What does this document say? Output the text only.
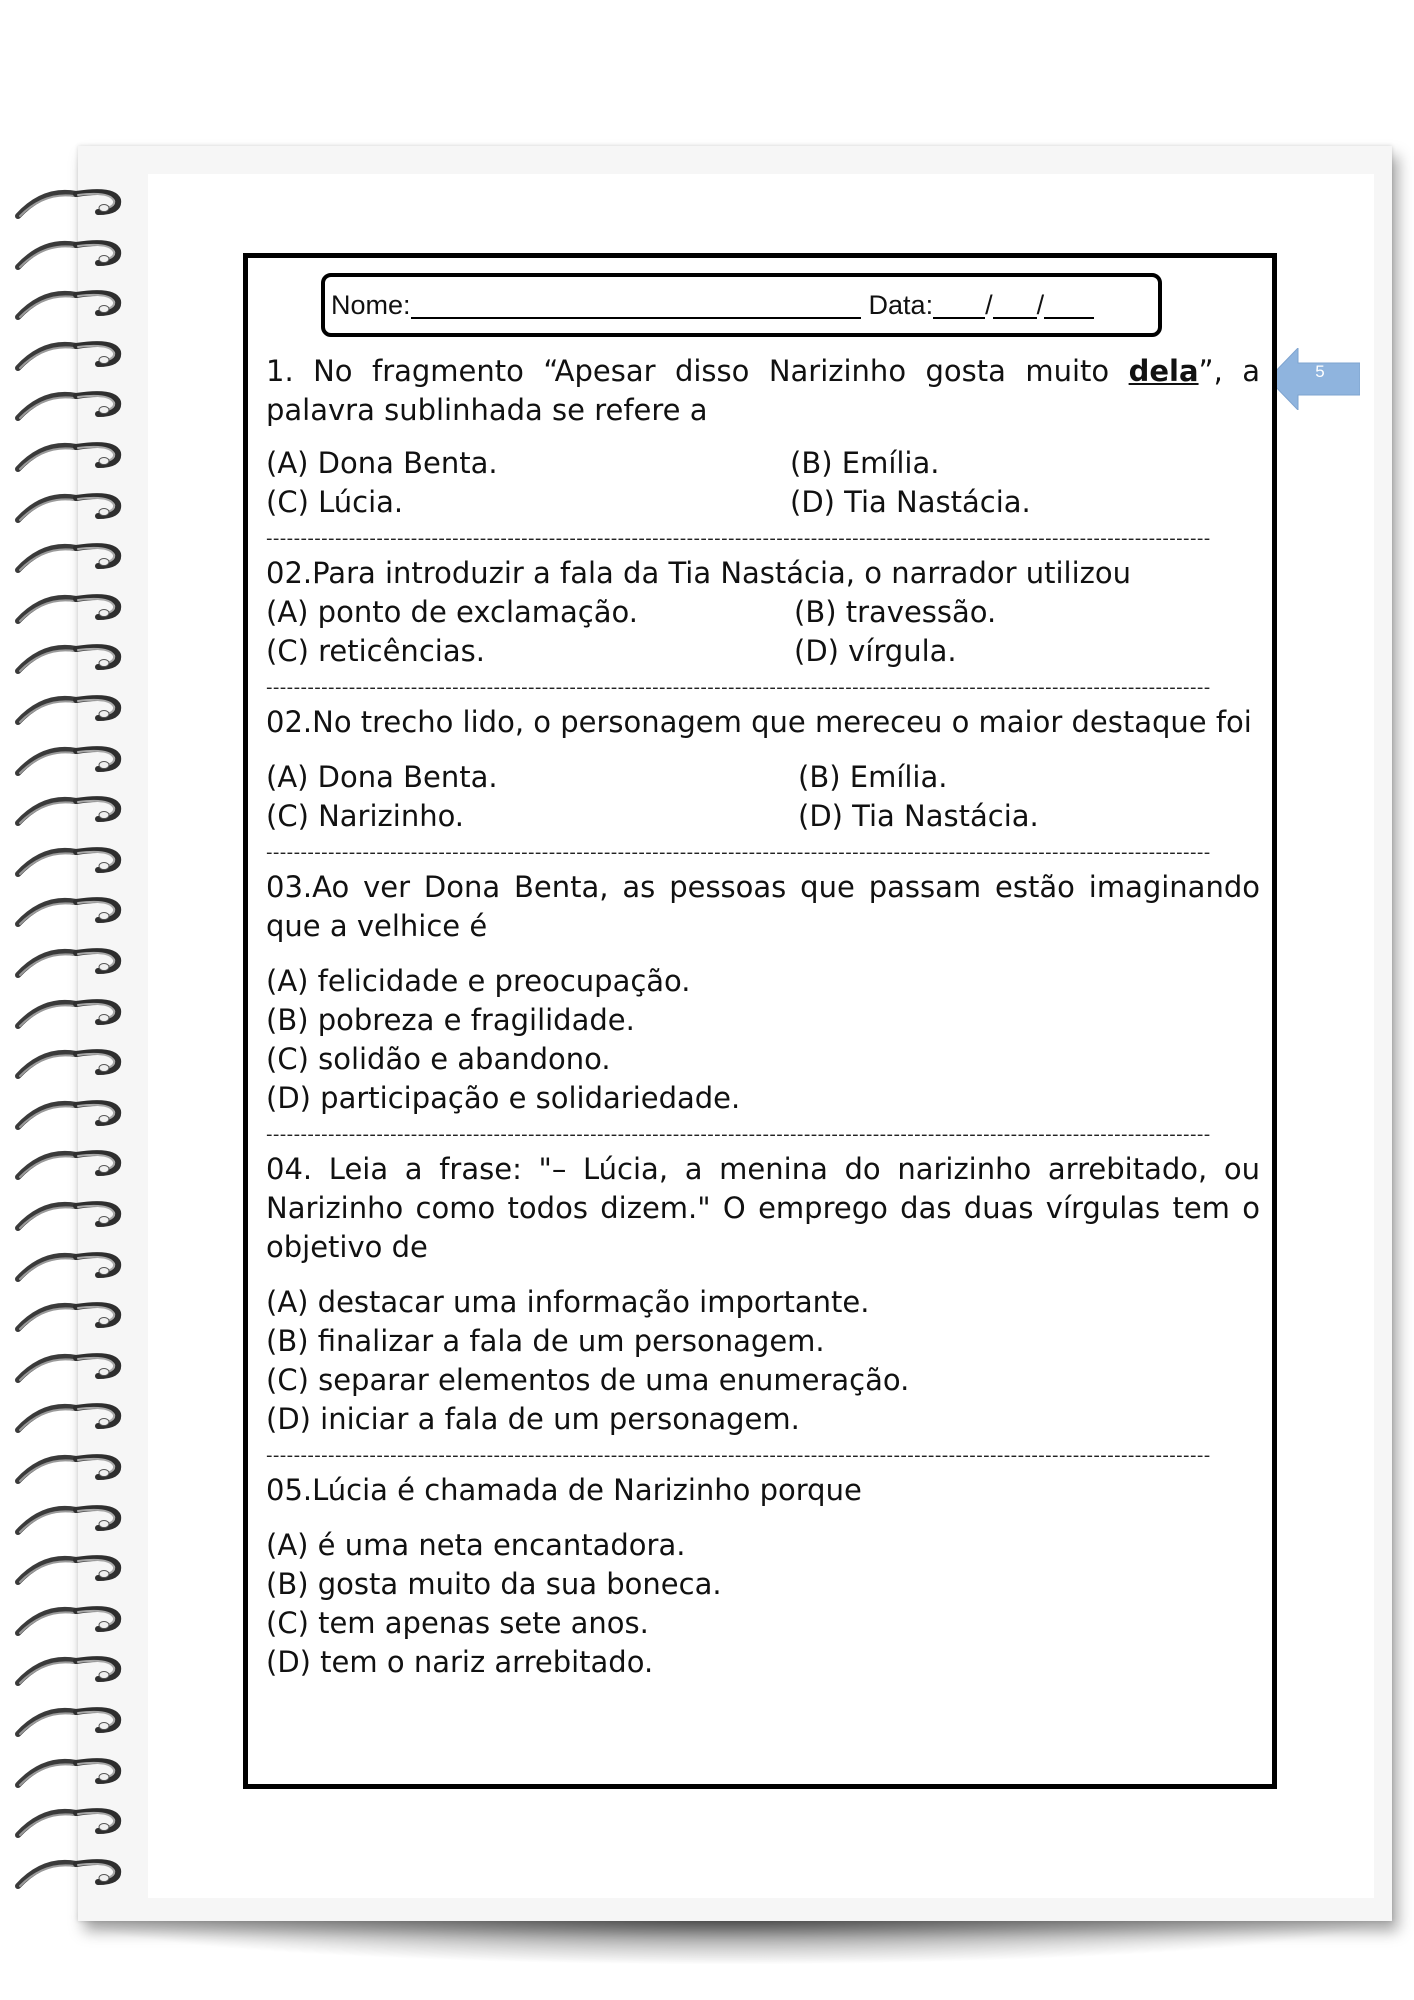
5
Nome:	Data: / /

1. No fragmento “Apesar disso Narizinho gosta muito dela”, a palavra sublinhada se refere a

(A) Dona Benta.	(B) Emília.
(C) Lúcia.	(D) Tia Nastácia.
-----

02.Para introduzir a fala da Tia Nastácia, o narrador utilizou

(A) ponto de exclamação.	(B) travessão.
(C) reticências.	(D) vírgula.
-----

02.No trecho lido, o personagem que mereceu o maior destaque foi

(A) Dona Benta.	(B) Emília.
(C) Narizinho.	(D) Tia Nastácia.
-----

03.Ao ver Dona Benta, as pessoas que passam estão imaginando que a velhice é

(A) felicidade e preocupação.
(B) pobreza e fragilidade.
(C) solidão e abandono.
(D) participação e solidariedade.
-----

04. Leia a frase: "– Lúcia, a menina do narizinho arrebitado, ou Narizinho como todos dizem." O emprego das duas vírgulas tem o objetivo de

(A) destacar uma informação importante.
(B) finalizar a fala de um personagem.
(C) separar elementos de uma enumeração.
(D) iniciar a fala de um personagem.
-----

05.Lúcia é chamada de Narizinho porque

(A) é uma neta encantadora.
(B) gosta muito da sua boneca.
(C) tem apenas sete anos.
(D) tem o nariz arrebitado.
